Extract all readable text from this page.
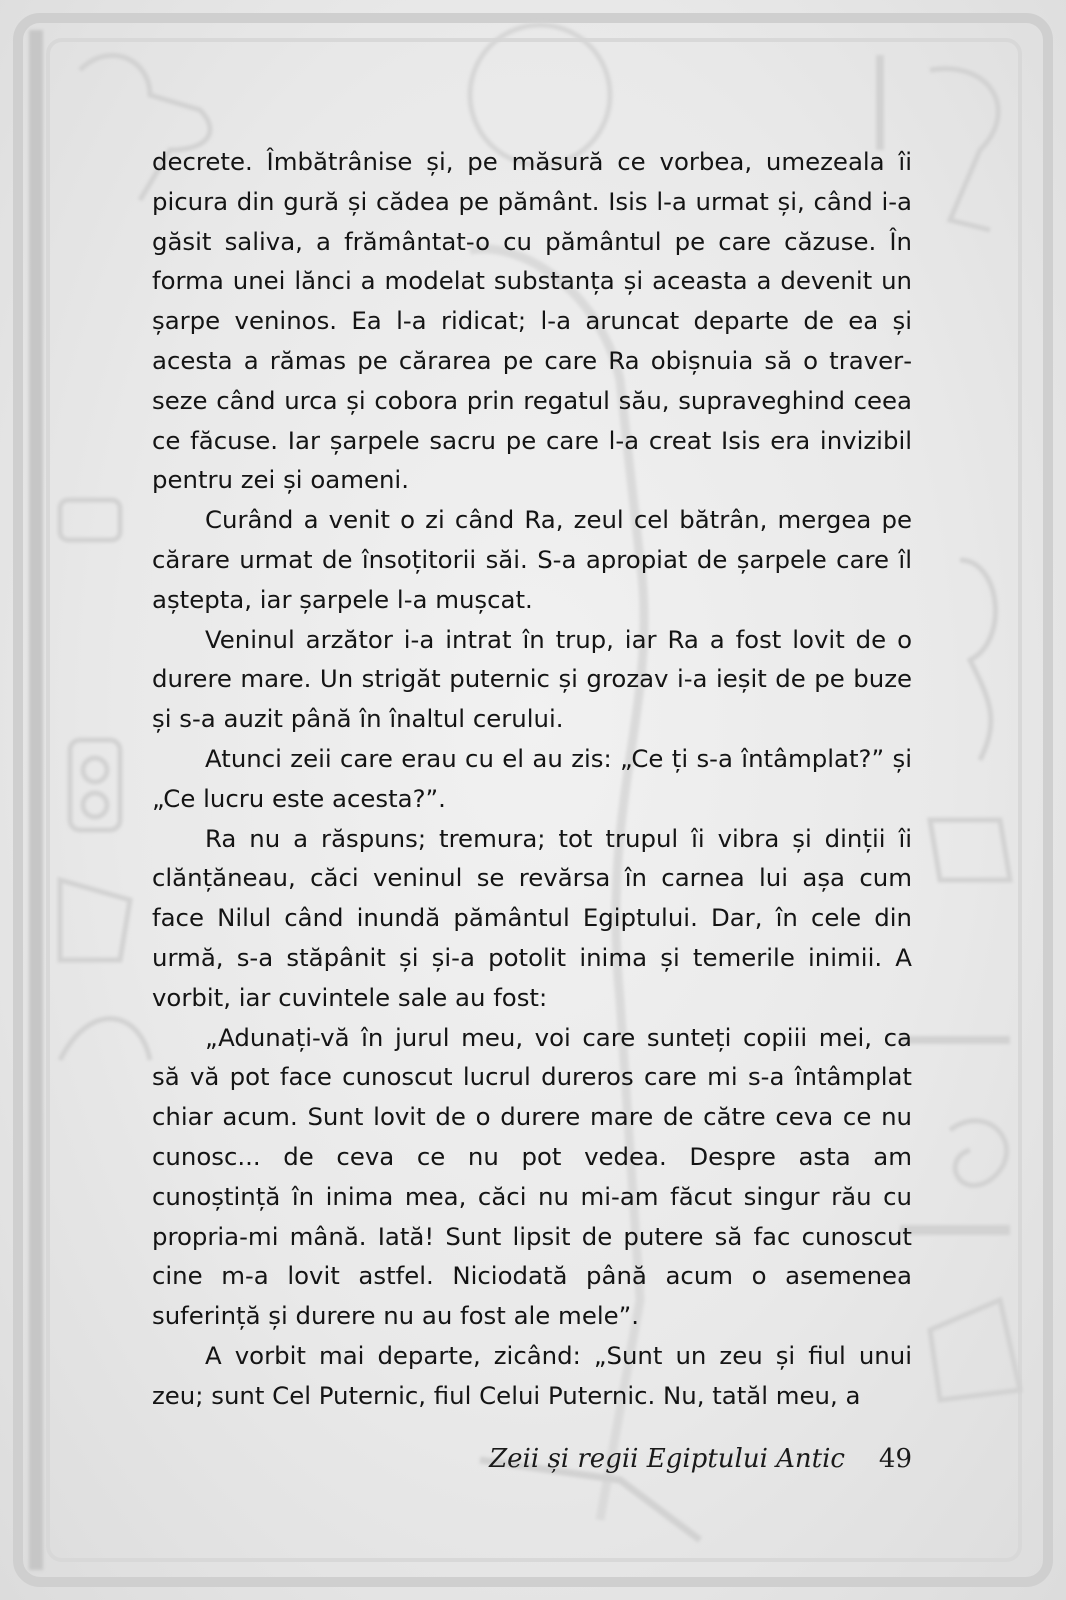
decrete. Îmbătrânise și, pe măsură ce vorbea, umezeala îi picura din gură și cădea pe pământ. Isis l-a urmat și, când i-a găsit saliva, a frământat-o cu pământul pe care căzuse. În forma unei lănci a modelat substanța și aceasta a devenit un șarpe veninos. Ea l-a ridicat; l-a aruncat departe de ea și acesta a rămas pe cărarea pe care Ra obișnuia să o traverseze când urca și cobora prin regatul său, supraveghind ceea ce făcuse. Iar șarpele sacru pe care l-a creat Isis era invizibil pentru zei și oameni.

Curând a venit o zi când Ra, zeul cel bătrân, mergea pe cărare urmat de însoțitorii săi. S-a apropiat de șarpele care îl aștepta, iar șarpele l-a mușcat.

Veninul arzător i-a intrat în trup, iar Ra a fost lovit de o durere mare. Un strigăt puternic și grozav i-a ieșit de pe buze și s-a auzit până în înaltul cerului.

Atunci zeii care erau cu el au zis: „Ce ți s-a întâmplat?” și „Ce lucru este acesta?”.

Ra nu a răspuns; tremura; tot trupul îi vibra și dinții îi clănțăneau, căci veninul se revărsa în carnea lui așa cum face Nilul când inundă pământul Egiptului. Dar, în cele din urmă, s-a stăpânit și și-a potolit inima și temerile inimii. A vorbit, iar cuvintele sale au fost:

„Adunați-vă în jurul meu, voi care sunteți copiii mei, ca să vă pot face cunoscut lucrul dureros care mi s-a întâmplat chiar acum. Sunt lovit de o durere mare de către ceva ce nu cunosc... de ceva ce nu pot vedea. Despre asta am cunoștință în inima mea, căci nu mi-am făcut singur rău cu propria-mi mână. Iată! Sunt lipsit de putere să fac cunoscut cine m-a lovit astfel. Niciodată până acum o asemenea suferință și durere nu au fost ale mele”.

A vorbit mai departe, zicând: „Sunt un zeu și fiul unui zeu; sunt Cel Puternic, fiul Celui Puternic. Nu, tatăl meu, a

Zeii și regii Egiptului Antic 49
